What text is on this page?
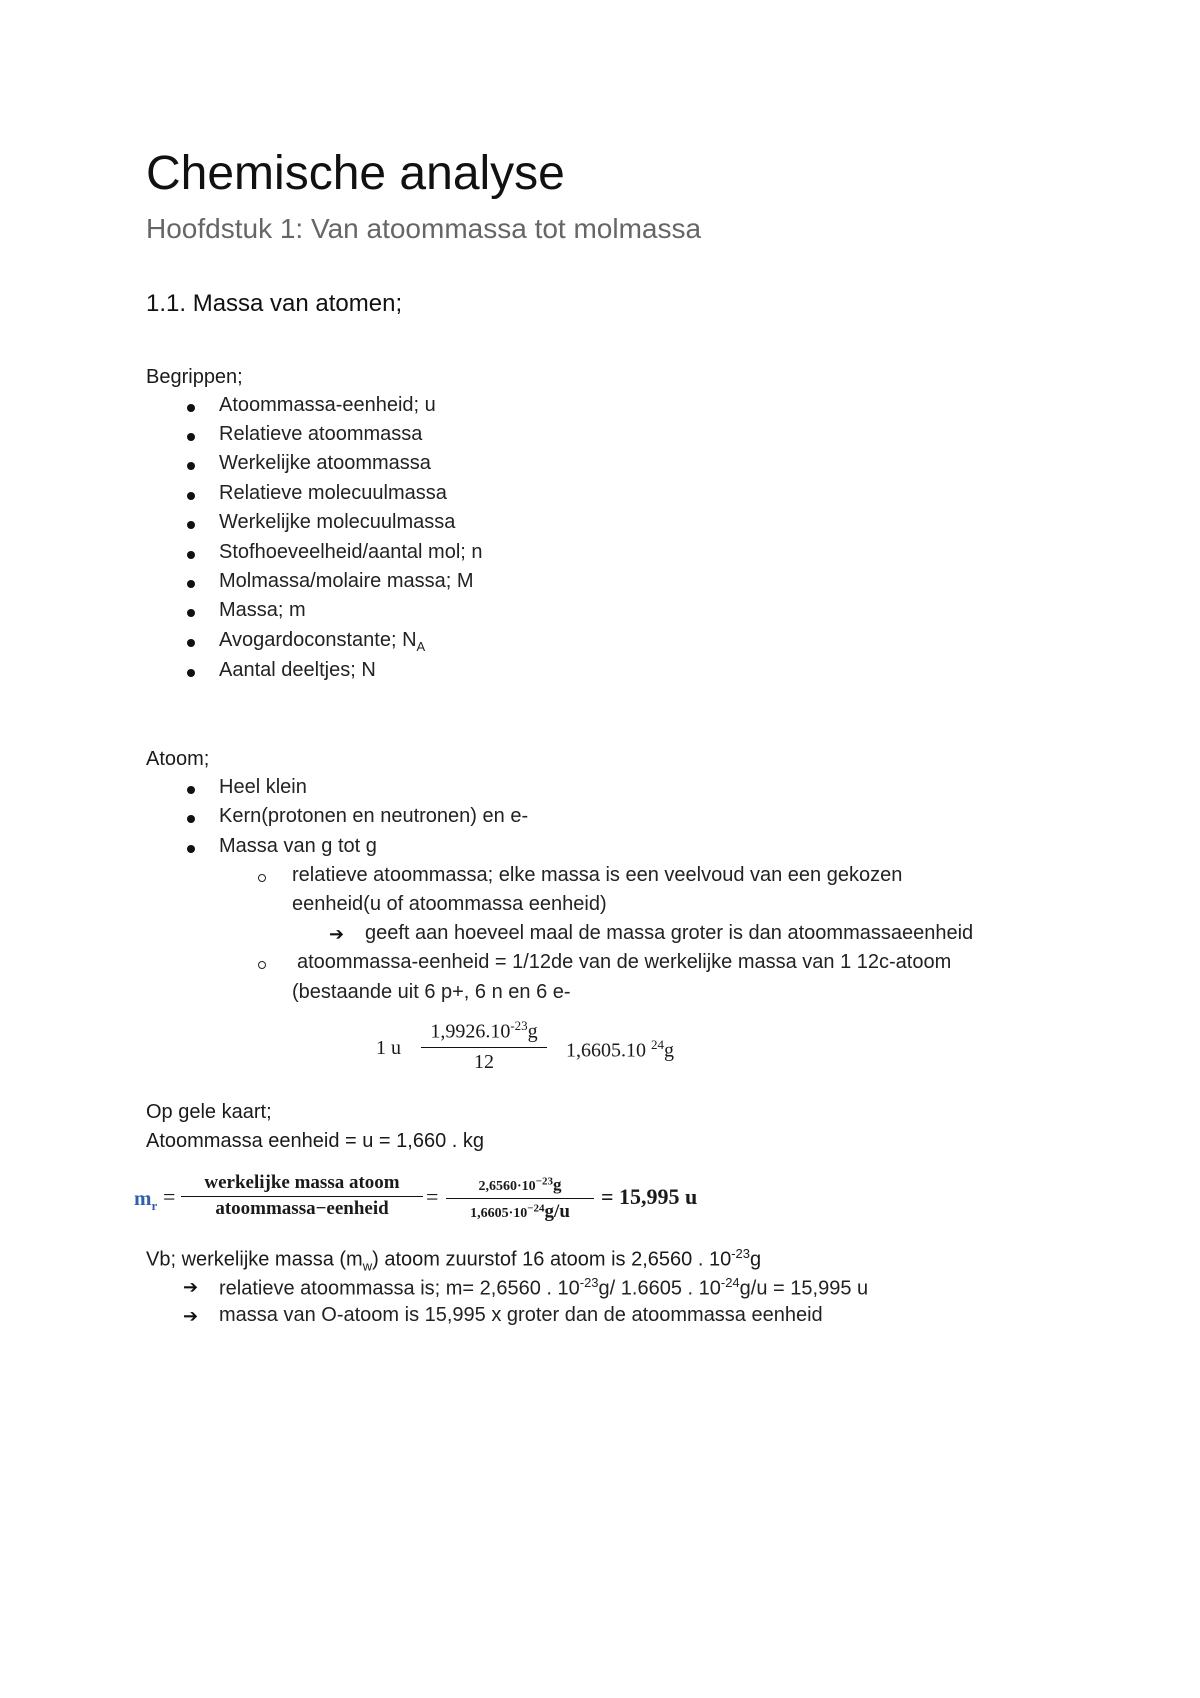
Chemische analyse
Hoofdstuk 1: Van atoommassa tot molmassa
1.1. Massa van atomen;
Begrippen;
Atoommassa-eenheid; u
Relatieve atoommassa
Werkelijke atoommassa
Relatieve molecuulmassa
Werkelijke molecuulmassa
Stofhoeveelheid/aantal mol; n
Molmassa/molaire massa; M
Massa; m
Avogardoconstante; $N_A$
Aantal deeltjes; N
Atoom;
Heel klein
Kern(protonen en neutronen) en e-
Massa van g tot g
relatieve atoommassa; elke massa is een veelvoud van een gekozen
eenheid(u of atoommassa eenheid)
➔ geeft aan hoeveel maal de massa groter is dan atoommassaeenheid
atoommassa-eenheid = 1/12de van de werkelijke massa van 1 12c-atoom
(bestaande uit 6 p+, 6 n en 6 e-
1 u $\frac{1,9926.10^{-23}g}{12} 1,6605.10$ $^{24}$g
Op gele kaart;
Atoommassa eenheid = u = 1,660 . kg
$m_r$ =
werkelijke massa atoom
atoommassa−eenheid	= $\frac{2,6560\cdot 10^{-23}g}{1,6605\cdot 10^{-24}g/u} = 15,995$ u
Vb; werkelijke massa $(m_w)$ atoom zuurstof 16 atoom is 2,6560 . $10^{-23}g$
➔ relatieve atoommassa is; m= 2,6560 . $10^{-23}g/$ 1.6605 . $10^{-24}g/u = 15,995$ u
➔ massa van O-atoom is 15,995 x groter dan de atoommassa eenheid
